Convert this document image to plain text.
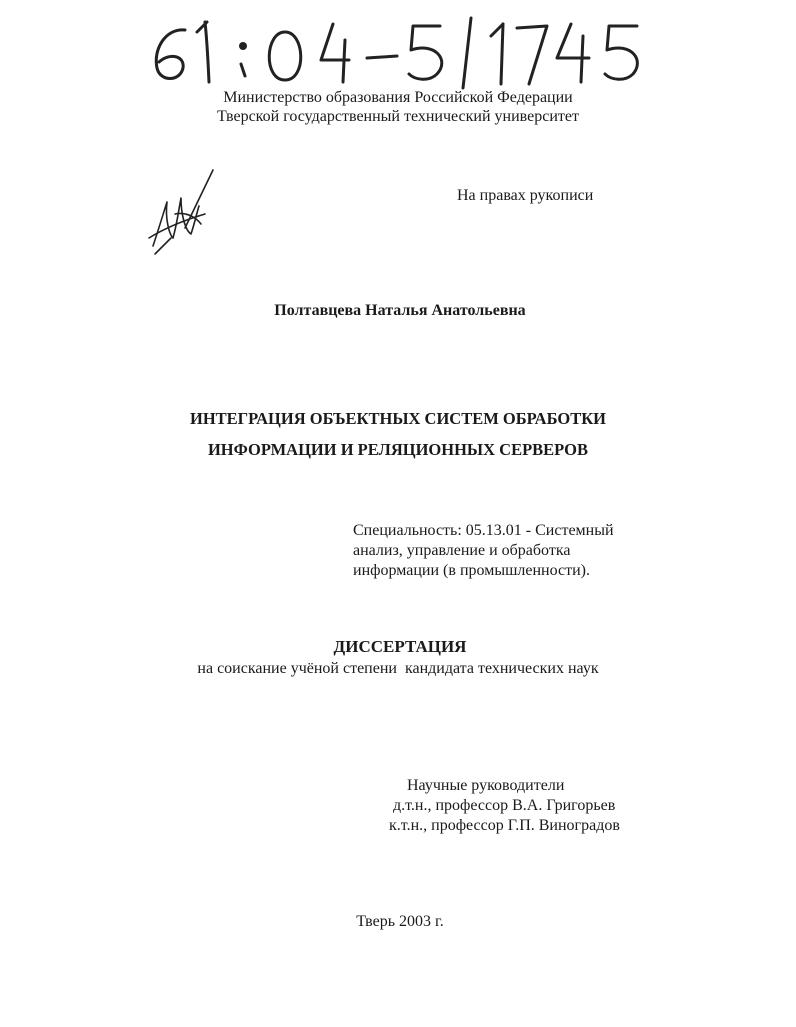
Министерство образования Российской Федерации
Тверской государственный технический университет
На правах рукописи
Полтавцева Наталья Анатольевна
ИНТЕГРАЦИЯ ОБЪЕКТНЫХ СИСТЕМ ОБРАБОТКИ
ИНФОРМАЦИИ И РЕЛЯЦИОННЫХ СЕРВЕРОВ
Специальность: 05.13.01 - Системный
анализ, управление и обработка
информации (в промышленности).
ДИССЕРТАЦИЯ
на соискание учёной степени  кандидата технических наук
Научные руководители
д.т.н., профессор В.А. Григорьев
к.т.н., профессор Г.П. Виноградов
Тверь 2003 г.
